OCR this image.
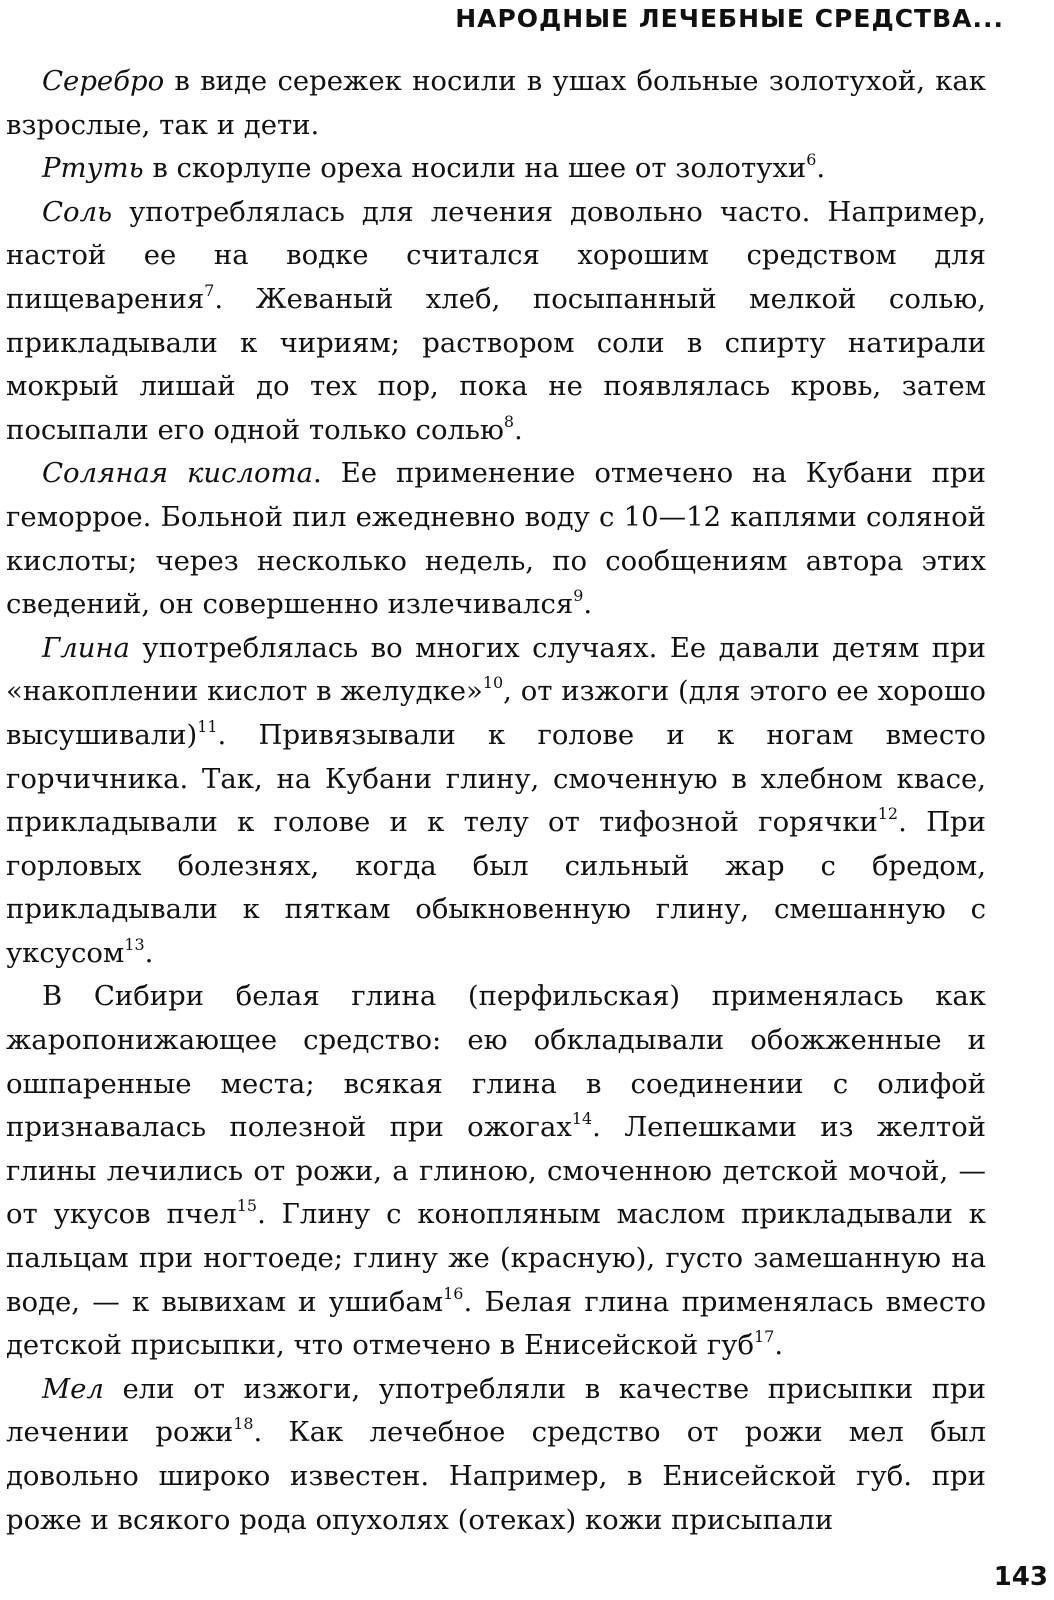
НАРОДНЫЕ ЛЕЧЕБНЫЕ СРЕДСТВА...

Серебро в виде сережек носили в ушах больные золотухой, как взрослые, так и дети.

Ртуть в скорлупе ореха носили на шее от золотухи$^6$.

Соль употреблялась для лечения довольно часто. Например, настой ее на водке считался хорошим средством для пищеварения$^7$. Жеваный хлеб, посыпанный мелкой солью, прикладывали к чириям; раствором соли в спирту натирали мокрый лишай до тех пор, пока не появлялась кровь, затем посыпали его одной только солью$^8$.

Соляная кислота. Ее применение отмечено на Кубани при геморрое. Больной пил ежедневно воду с 10—12 каплями соляной кислоты; через несколько недель, по сообщениям автора этих сведений, он совершенно излечивался$^9$.

Глина употреблялась во многих случаях. Ее давали детям при «накоплении кислот в желудке»$^{10}$, от изжоги (для этого ее хорошо высушивали)$^{11}$. Привязывали к голове и к ногам вместо горчичника. Так, на Кубани глину, смоченную в хлебном квасе, прикладывали к голове и к телу от тифозной горячки$^{12}$. При горловых болезнях, когда был сильный жар с бредом, прикладывали к пяткам обыкновенную глину, смешанную с уксусом$^{13}$.

В Сибири белая глина (перфильская) применялась как жаропонижающее средство: ею обкладывали обожженные и ошпаренные места; всякая глина в соединении с олифой признавалась полезной при ожогах$^{14}$. Лепешками из желтой глины лечились от рожи, а глиною, смоченною детской мочой, — от укусов пчел$^{15}$. Глину с конопляным маслом прикладывали к пальцам при ногтоеде; глину же (красную), густо замешанную на воде, — к вывихам и ушибам$^{16}$. Белая глина применялась вместо детской присыпки, что отмечено в Енисейской губ$^{17}$.

Мел ели от изжоги, употребляли в качестве присыпки при лечении рожи$^{18}$. Как лечебное средство от рожи мел был довольно широко известен. Например, в Енисейской губ. при роже и всякого рода опухолях (отеках) кожи присыпали

143
